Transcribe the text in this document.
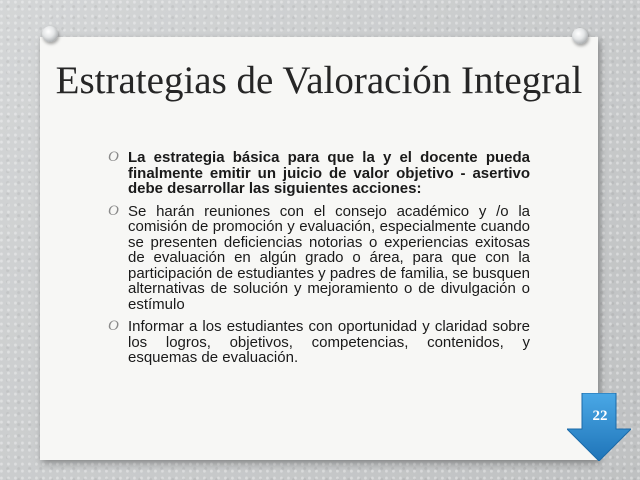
Estrategias de Valoración Integral
O La estrategia básica para que la y el docente pueda finalmente emitir un juicio de valor objetivo - asertivo debe desarrollar las siguientes acciones:
O Se harán reuniones con el consejo académico y /o la comisión de promoción y evaluación, especialmente cuando se presenten deficiencias notorias o experiencias exitosas de evaluación en algún grado o área, para que con la participación de estudiantes y padres de familia, se busquen alternativas de solución y mejoramiento o de divulgación o estímulo
O Informar a los estudiantes con oportunidad y claridad sobre los logros, objetivos, competencias, contenidos, y esquemas de evaluación.
22
